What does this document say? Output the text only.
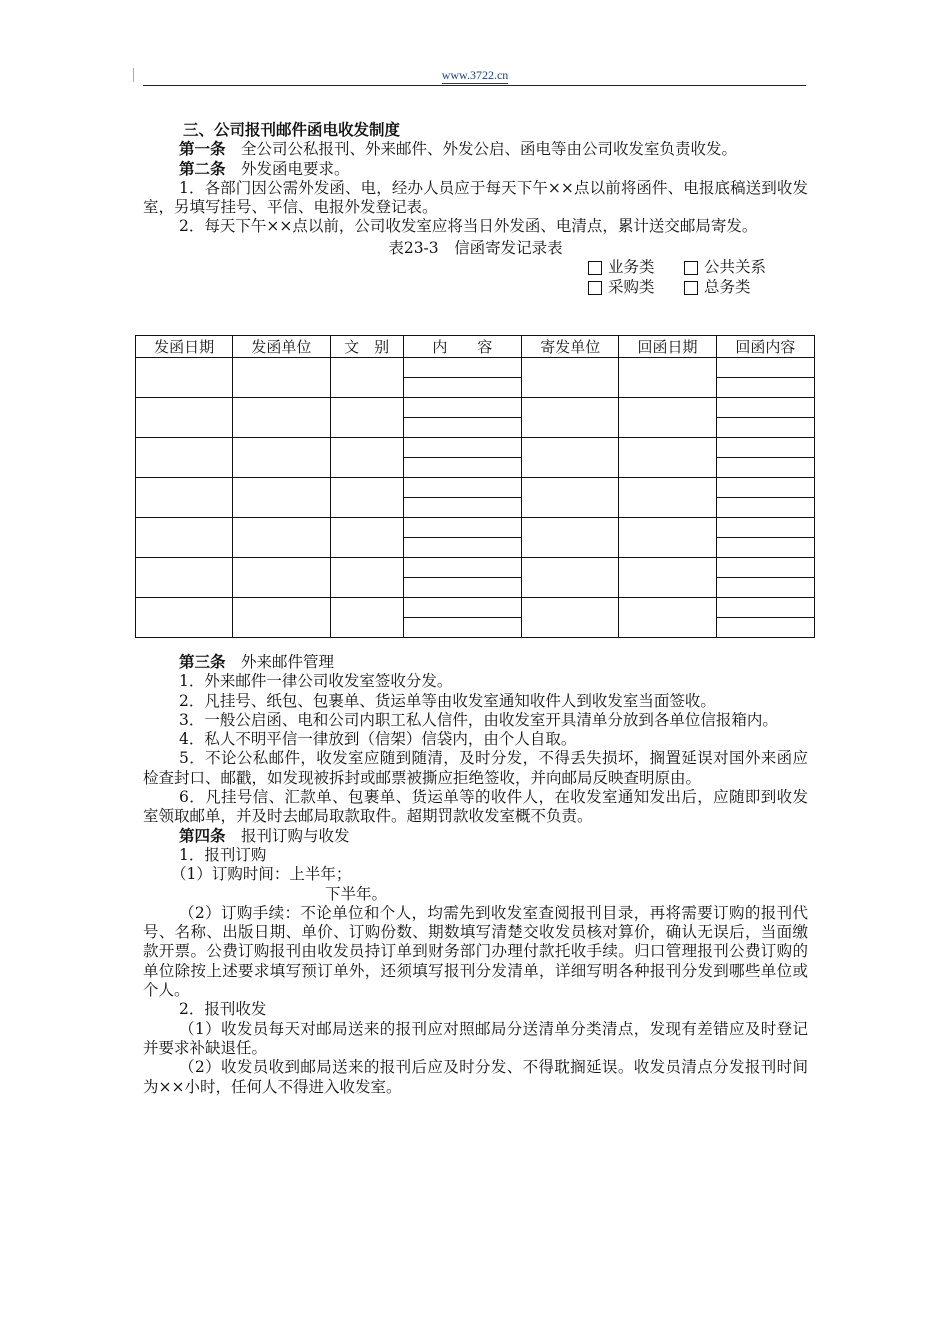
www.3722.cn

三、公司报刊邮件函电收发制度

第一条　 全公司公私报刊、外来邮件、外发公启、函电等由公司收发室负责收发。

第二条　 外发函电要求。

1．各部门因公需外发函、电，经办人员应于每天下午××点以前将函件、电报底稿送到收发室，另填写挂号、平信、电报外发登记表。

2．每天下午××点以前，公司收发室应将当日外发函、电清点，累计送交邮局寄发。

表23-3　信函寄发记录表

业务类	公共关系
采购类	总务类
发函日期	发函单位	文　别	内　　容	寄发单位	回函日期	回函内容

第三条　 外来邮件管理

1．外来邮件一律公司收发室签收分发。

2．凡挂号、纸包、包裹单、货运单等由收发室通知收件人到收发室当面签收。

3．一般公启函、电和公司内职工私人信件，由收发室开具清单分放到各单位信报箱内。

4．私人不明平信一律放到（信架）信袋内，由个人自取。

5．不论公私邮件，收发室应随到随清，及时分发，不得丢失损坏，搁置延误对国外来函应检查封口、邮戳，如发现被拆封或邮票被撕应拒绝签收，并向邮局反映查明原由。

6．凡挂号信、汇款单、包裹单、货运单等的收件人，在收发室通知发出后，应随即到收发室领取邮单，并及时去邮局取款取件。超期罚款收发室概不负责。

第四条　 报刊订购与收发

1．报刊订购

（1）订购时间：上半年；

下半年。

（2）订购手续：不论单位和个人，均需先到收发室查阅报刊目录，再将需要订购的报刊代号、名称、出版日期、单价、订购份数、期数填写清楚交收发员核对算价，确认无误后，当面缴款开票。公费订购报刊由收发员持订单到财务部门办理付款托收手续。归口管理报刊公费订购的单位除按上述要求填写预订单外，还须填写报刊分发清单，详细写明各种报刊分发到哪些单位或个人。

2．报刊收发

（1）收发员每天对邮局送来的报刊应对照邮局分送清单分类清点，发现有差错应及时登记并要求补缺退任。

（2）收发员收到邮局送来的报刊后应及时分发、不得耽搁延误。收发员清点分发报刊时间为××小时，任何人不得进入收发室。
